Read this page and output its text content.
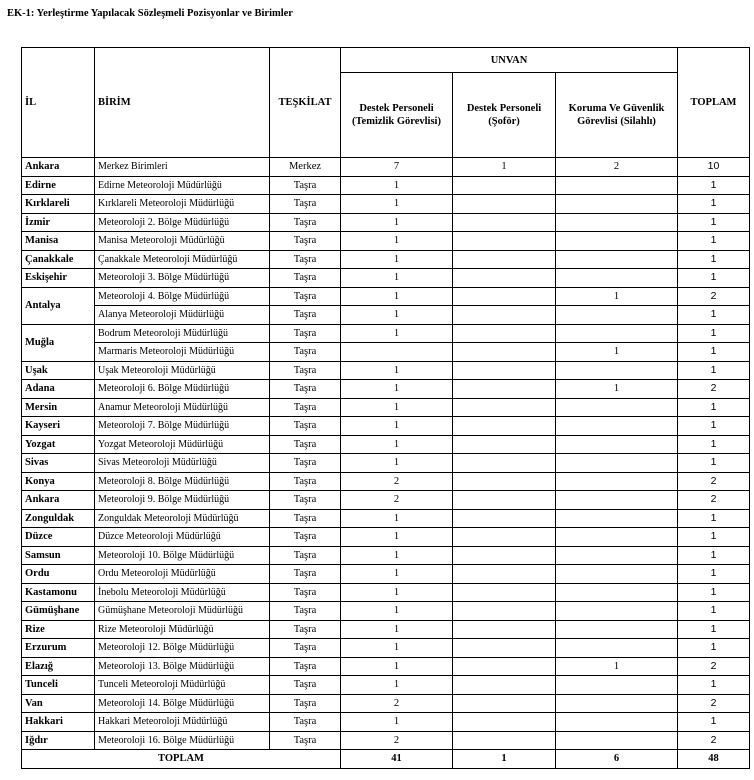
EK-1: Yerleştirme Yapılacak Sözleşmeli Pozisyonlar ve Birimler
İL	BİRİM	TEŞKİLAT	UNVAN			TOPLAM
			Destek Personeli (Temizlik Görevlisi)	Destek Personeli (Şoför)	Koruma Ve Güvenlik Görevlisi (Silahlı)	
Ankara	Merkez Birimleri	Merkez	7	1	2	10
Edirne	Edirne Meteoroloji Müdürlüğü	Taşra	1			1
Kırklareli	Kırklareli Meteoroloji Müdürlüğü	Taşra	1			1
İzmir	Meteoroloji 2. Bölge Müdürlüğü	Taşra	1			1
Manisa	Manisa Meteoroloji Müdürlüğü	Taşra	1			1
Çanakkale	Çanakkale Meteoroloji Müdürlüğü	Taşra	1			1
Eskişehir	Meteoroloji 3. Bölge Müdürlüğü	Taşra	1			1
Antalya	Meteoroloji 4. Bölge Müdürlüğü	Taşra	1		1	2
	Alanya Meteoroloji Müdürlüğü	Taşra	1			1
Muğla	Bodrum Meteoroloji Müdürlüğü	Taşra	1			1
	Marmaris Meteoroloji Müdürlüğü	Taşra			1	1
Uşak	Uşak Meteoroloji Müdürlüğü	Taşra	1			1
Adana	Meteoroloji 6. Bölge Müdürlüğü	Taşra	1		1	2
Mersin	Anamur Meteoroloji Müdürlüğü	Taşra	1			1
Kayseri	Meteoroloji 7. Bölge Müdürlüğü	Taşra	1			1
Yozgat	Yozgat Meteoroloji Müdürlüğü	Taşra	1			1
Sivas	Sivas Meteoroloji Müdürlüğü	Taşra	1			1
Konya	Meteoroloji 8. Bölge Müdürlüğü	Taşra	2			2
Ankara	Meteoroloji 9. Bölge Müdürlüğü	Taşra	2			2
Zonguldak	Zonguldak Meteoroloji Müdürlüğü	Taşra	1			1
Düzce	Düzce Meteoroloji Müdürlüğü	Taşra	1			1
Samsun	Meteoroloji 10. Bölge Müdürlüğü	Taşra	1			1
Ordu	Ordu Meteoroloji Müdürlüğü	Taşra	1			1
Kastamonu	İnebolu Meteoroloji Müdürlüğü	Taşra	1			1
Gümüşhane	Gümüşhane Meteoroloji Müdürlüğü	Taşra	1			1
Rize	Rize Meteoroloji Müdürlüğü	Taşra	1			1
Erzurum	Meteoroloji 12. Bölge Müdürlüğü	Taşra	1			1
Elazığ	Meteoroloji 13. Bölge Müdürlüğü	Taşra	1		1	2
Tunceli	Tunceli Meteoroloji Müdürlüğü	Taşra	1			1
Van	Meteoroloji 14. Bölge Müdürlüğü	Taşra	2			2
Hakkari	Hakkari Meteoroloji Müdürlüğü	Taşra	1			1
Iğdır	Meteoroloji 16. Bölge Müdürlüğü	Taşra	2			2
TOPLAM			41	1	6	48
